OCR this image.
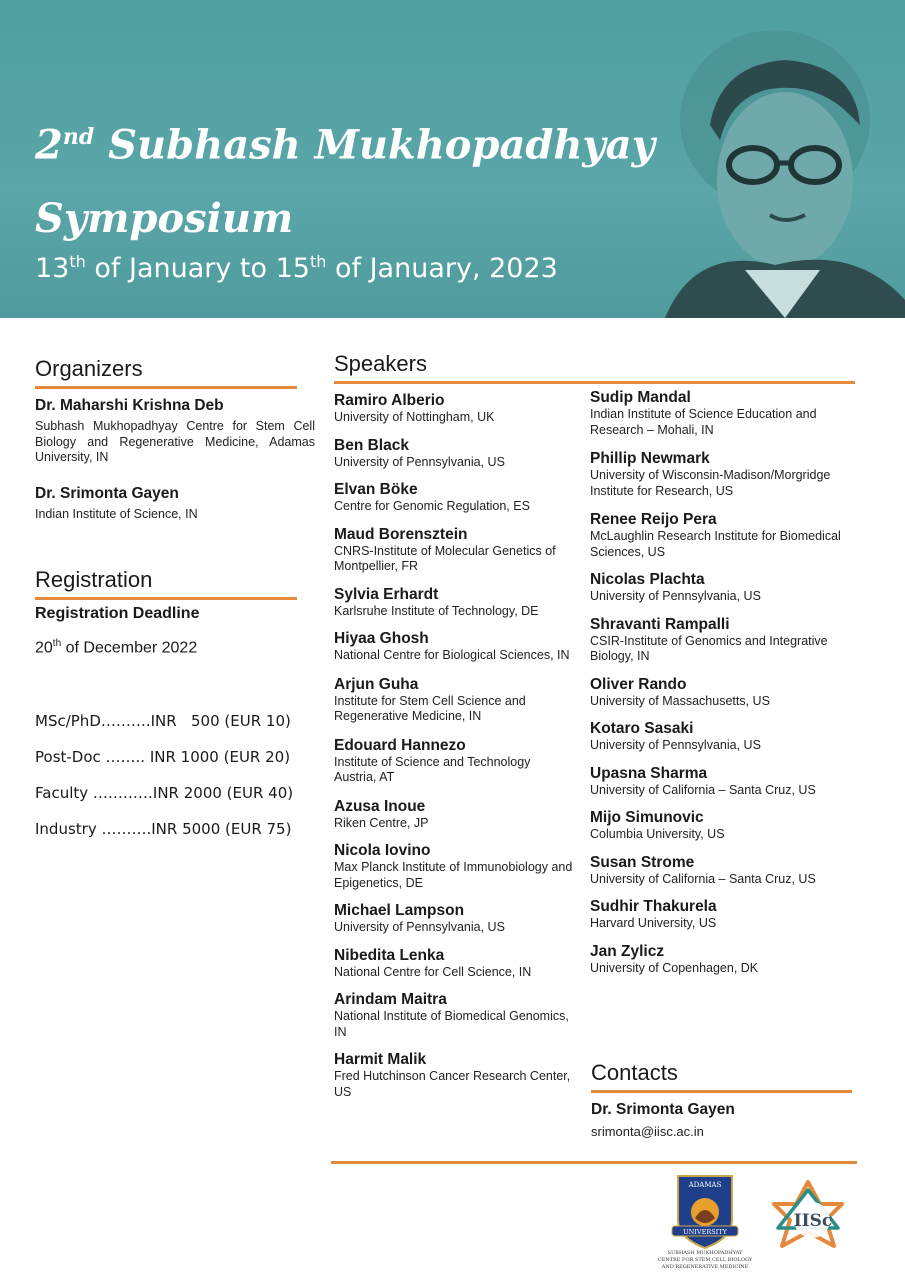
2nd Subhash Mukhopadhyay
Symposium
13th of January to 15th of January, 2023
Organizers
Dr. Maharshi Krishna Deb
Subhash Mukhopadhyay Centre for Stem Cell Biology and Regenerative Medicine, Adamas University, IN
Dr. Srimonta Gayen
Indian Institute of Science, IN
Registration
Registration Deadline
20th of December 2022
MSc/PhD……….INR   500 (EUR 10)
Post-Doc …….. INR 1000 (EUR 20)
Faculty …………INR 2000 (EUR 40)
Industry ……….INR 5000 (EUR 75)
Speakers
Ramiro Alberio
University of Nottingham, UK
Ben Black
University of Pennsylvania, US
Elvan Böke
Centre for Genomic Regulation, ES
Maud Borensztein
CNRS-Institute of Molecular Genetics of Montpellier, FR
Sylvia Erhardt
Karlsruhe Institute of Technology, DE
Hiyaa Ghosh
National Centre for Biological Sciences, IN
Arjun Guha
Institute for Stem Cell Science and Regenerative Medicine, IN
Edouard Hannezo
Institute of Science and Technology Austria, AT
Azusa Inoue
Riken Centre, JP
Nicola Iovino
Max Planck Institute of Immunobiology and Epigenetics, DE
Michael Lampson
University of Pennsylvania, US
Nibedita Lenka
National Centre for Cell Science, IN
Arindam Maitra
National Institute of Biomedical Genomics, IN
Harmit Malik
Fred Hutchinson Cancer Research Center, US
Sudip Mandal
Indian Institute of Science Education and Research – Mohali, IN
Phillip Newmark
University of Wisconsin-Madison/Morgridge Institute for Research, US
Renee Reijo Pera
McLaughlin Research Institute for Biomedical Sciences, US
Nicolas Plachta
University of Pennsylvania, US
Shravanti Rampalli
CSIR-Institute of Genomics and Integrative Biology, IN
Oliver Rando
University of Massachusetts, US
Kotaro Sasaki
University of Pennsylvania, US
Upasna Sharma
University of California – Santa Cruz, US
Mijo Simunovic
Columbia University, US
Susan Strome
University of California – Santa Cruz, US
Sudhir Thakurela
Harvard University, US
Jan Zylicz
University of Copenhagen, DK
Contacts
Dr. Srimonta Gayen
srimonta@iisc.ac.in
ADAMAS
UNIVERSITY
SUBHASH MUKHOPADHYAY
CENTRE FOR STEM CELL BIOLOGY
AND REGENERATIVE MEDICINE
IISc
